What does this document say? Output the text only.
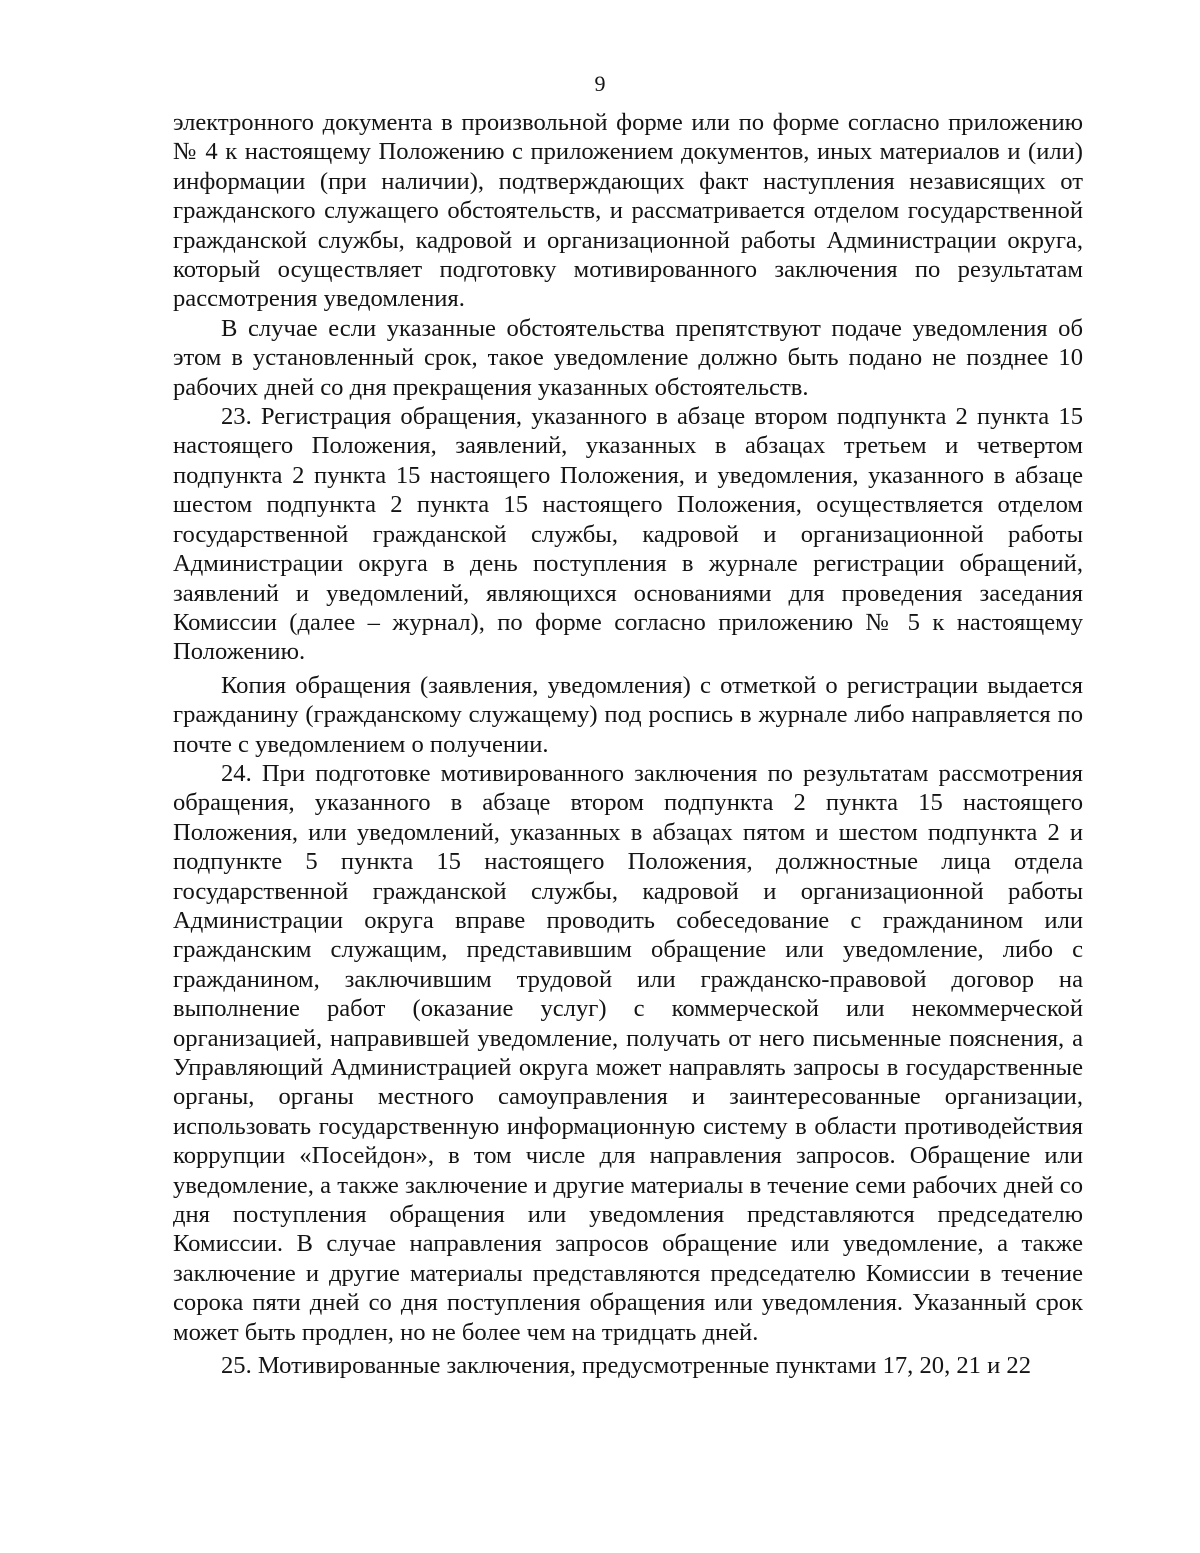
9

электронного документа в произвольной форме или по форме согласно приложению № 4 к настоящему Положению с приложением документов, иных материалов и (или) информации (при наличии), подтверждающих факт наступления независящих от гражданского служащего обстоятельств, и рассматривается отделом государственной гражданской службы, кадровой и организационной работы Администрации округа, который осуществляет подготовку мотивированного заключения по результатам рассмотрения уведомления.

В случае если указанные обстоятельства препятствуют подаче уведомления об этом в установленный срок, такое уведомление должно быть подано не позднее 10 рабочих дней со дня прекращения указанных обстоятельств.

23. Регистрация обращения, указанного в абзаце втором подпункта 2 пункта 15 настоящего Положения, заявлений, указанных в абзацах третьем и четвертом подпункта 2 пункта 15 настоящего Положения, и уведомления, указанного в абзаце шестом подпункта 2 пункта 15 настоящего Положения, осуществляется отделом государственной гражданской службы, кадровой и организационной работы Администрации округа в день поступления в журнале регистрации обращений, заявлений и уведомлений, являющихся основаниями для проведения заседания Комиссии (далее – журнал), по форме согласно приложению № 5 к настоящему Положению.

Копия обращения (заявления, уведомления) с отметкой о регистрации выдается гражданину (гражданскому служащему) под роспись в журнале либо направляется по почте с уведомлением о получении.

24. При подготовке мотивированного заключения по результатам рассмотрения обращения, указанного в абзаце втором подпункта 2 пункта 15 настоящего Положения, или уведомлений, указанных в абзацах пятом и шестом подпункта 2 и подпункте 5 пункта 15 настоящего Положения, должностные лица отдела государственной гражданской службы, кадровой и организационной работы Администрации округа вправе проводить собеседование с гражданином или гражданским служащим, представившим обращение или уведомление, либо с гражданином, заключившим трудовой или гражданско-правовой договор на выполнение работ (оказание услуг) с коммерческой или некоммерческой организацией, направившей уведомление, получать от него письменные пояснения, а Управляющий Администрацией округа может направлять запросы в государственные органы, органы местного самоуправления и заинтересованные организации, использовать государственную информационную систему в области противодействия коррупции «Посейдон», в том числе для направления запросов. Обращение или уведомление, а также заключение и другие материалы в течение семи рабочих дней со дня поступления обращения или уведомления представляются председателю Комиссии. В случае направления запросов обращение или уведомление, а также заключение и другие материалы представляются председателю Комиссии в течение сорока пяти дней со дня поступления обращения или уведомления. Указанный срок может быть продлен, но не более чем на тридцать дней.

25. Мотивированные заключения, предусмотренные пунктами 17, 20, 21 и 22
